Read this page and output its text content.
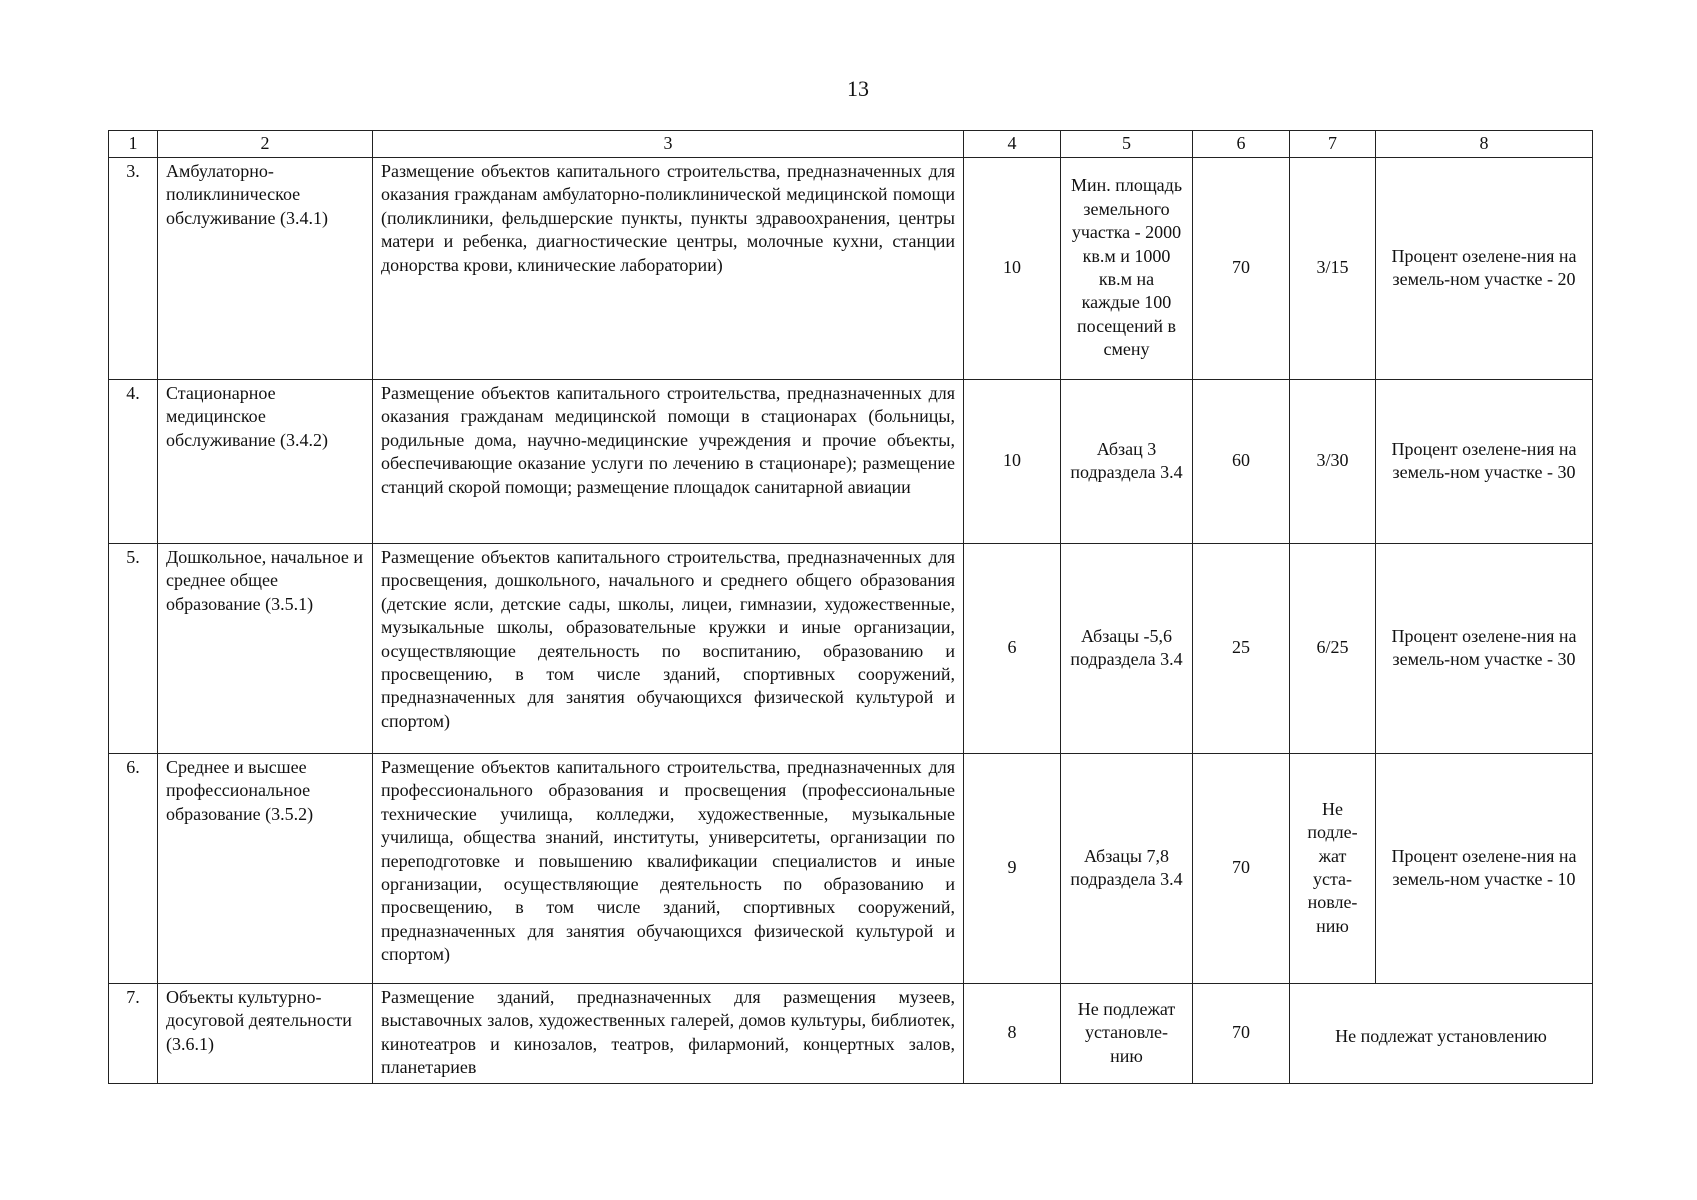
13
1	2	3	4	5	6	7	8
3.	Амбулаторно-поликлиническое обслуживание (3.4.1)	Размещение объектов капитального строительства, предназначенных для оказания гражданам амбулаторно-поликлинической медицинской помощи (поликлиники, фельдшерские пункты, пункты здравоохранения, центры матери и ребенка, диагностические центры, молочные кухни, станции донорства крови, клинические лаборатории)	10	Мин. площадь земельного участка - 2000 кв.м и 1000 кв.м на каждые 100 посещений в смену	70	3/15	Процент озелене-ния на земель-ном участке - 20
4.	Стационарное медицинское обслуживание (3.4.2)	Размещение объектов капитального строительства, предназначенных для оказания гражданам медицинской помощи в стационарах (больницы, родильные дома, научно-медицинские учреждения и прочие объекты, обеспечивающие оказание услуги по лечению в стационаре); размещение станций скорой помощи; размещение площадок санитарной авиации	10	Абзац 3 подраздела 3.4	60	3/30	Процент озелене-ния на земель-ном участке - 30
5.	Дошкольное, начальное и среднее общее образование (3.5.1)	Размещение объектов капитального строительства, предназначенных для просвещения, дошкольного, начального и среднего общего образования (детские ясли, детские сады, школы, лицеи, гимназии, художественные, музыкальные школы, образовательные кружки и иные организации, осуществляющие деятельность по воспитанию, образованию и просвещению, в том числе зданий, спортивных сооружений, предназначенных для занятия обучающихся физической культурой и спортом)	6	Абзацы -5,6 подраздела 3.4	25	6/25	Процент озелене-ния на земель-ном участке - 30
6.	Среднее и высшее профессиональное образование (3.5.2)	Размещение объектов капитального строительства, предназначенных для профессионального образования и просвещения (профессиональные технические училища, колледжи, художественные, музыкальные училища, общества знаний, институты, университеты, организации по переподготовке и повышению квалификации специалистов и иные организации, осуществляющие деятельность по образованию и просвещению, в том числе зданий, спортивных сооружений, предназначенных для занятия обучающихся физической культурой и спортом)	9	Абзацы 7,8 подраздела 3.4	70	Не подле-жат уста-новле-нию	Процент озелене-ния на земель-ном участке - 10
7.	Объекты культурно-досуговой деятельности (3.6.1)	Размещение зданий, предназначенных для размещения музеев, выставочных залов, художественных галерей, домов культуры, библиотек, кинотеатров и кинозалов, театров, филармоний, концертных залов, планетариев	8	Не подлежат установле-нию	70	Не подлежат установлению	
